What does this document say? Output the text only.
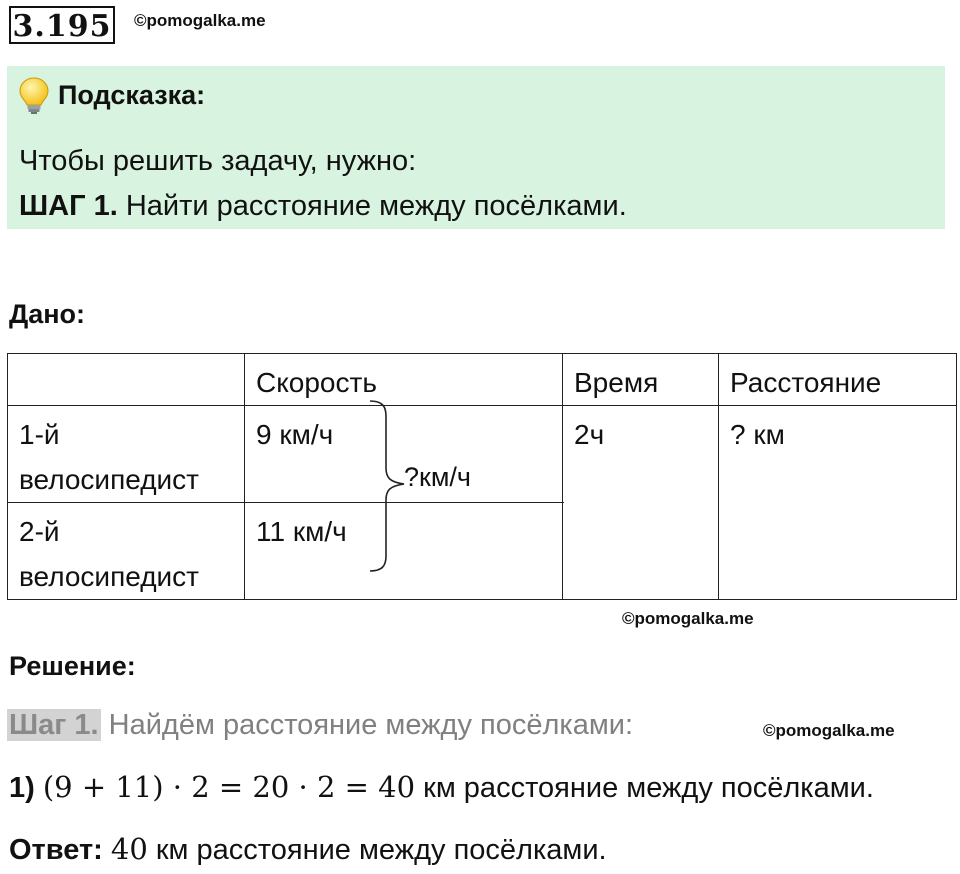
3.195 ©pomogalka.me
Подсказка:
Чтобы решить задачу, нужно:
ШАГ 1. Найти расстояние между посёлками.
Дано:
	Скорость	Время	Расстояние
1-й велосипедист	9 км/ч	2ч	? км
2-й велосипедист	11 км/ч		
?км/ч
©pomogalka.me
Решение:
Шаг 1. Найдём расстояние между посёлками:	©pomogalka.me
1) (9 + 11) · 2 = 20 · 2 = 40 км расстояние между посёлками.
Ответ: 40 км расстояние между посёлками.
